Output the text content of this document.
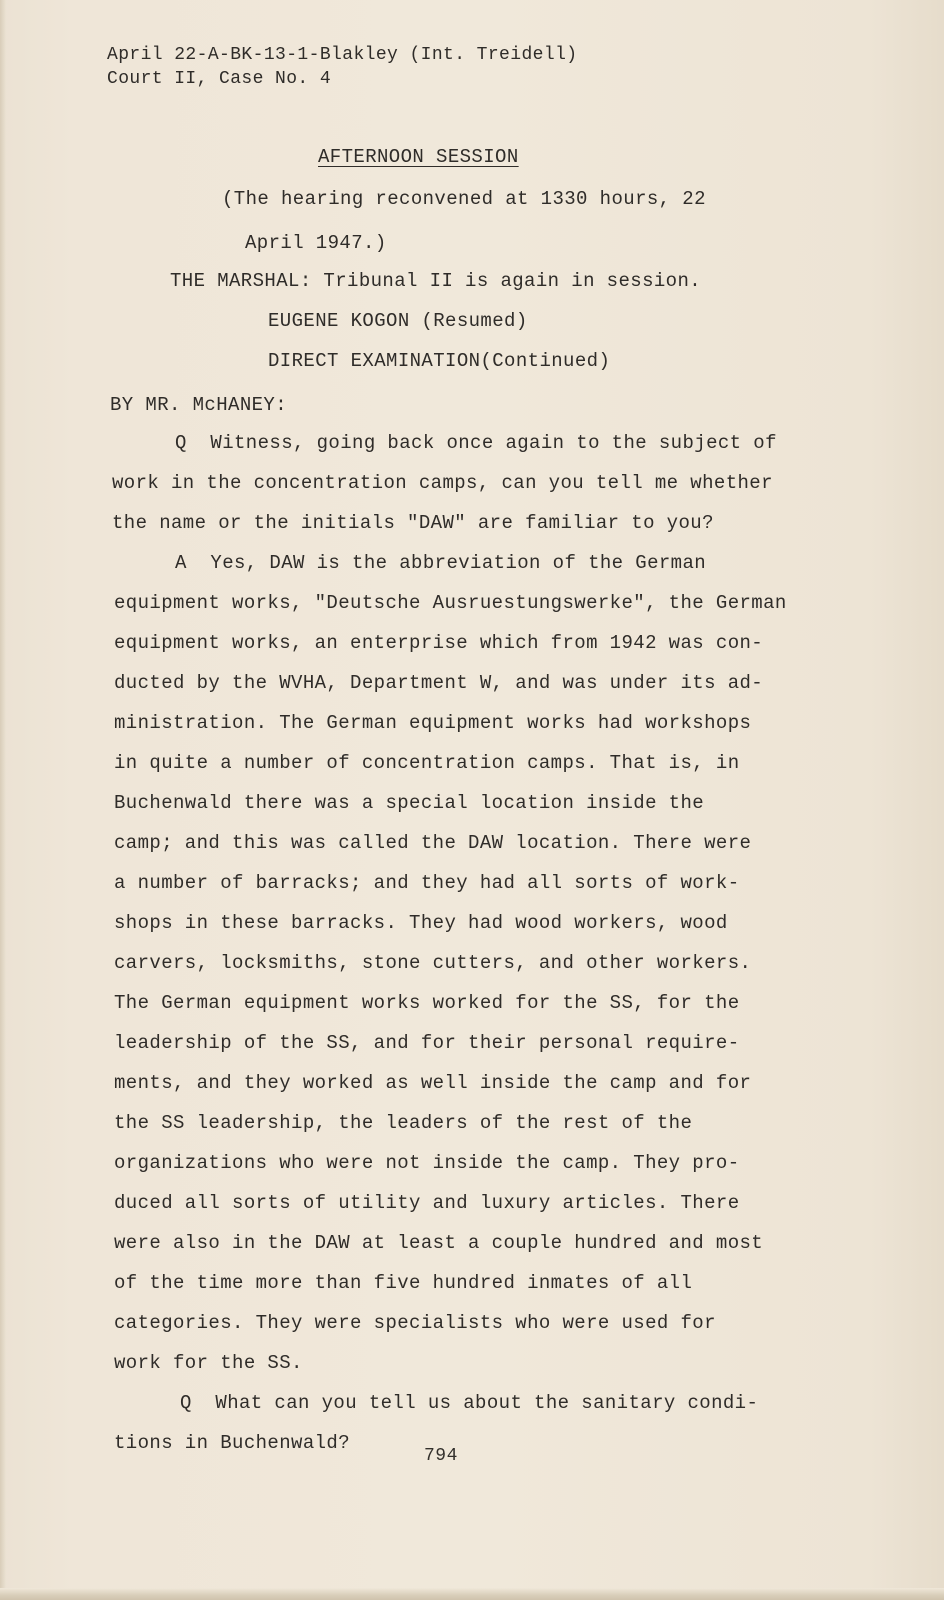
April 22-A-BK-13-1-Blakley (Int. Treidell)
Court II, Case No. 4
AFTERNOON SESSION
(The hearing reconvened at 1330 hours, 22
April 1947.)
THE MARSHAL: Tribunal II is again in session.
EUGENE KOGON (Resumed)
DIRECT EXAMINATION(Continued)
BY MR. McHANEY:
Q  Witness, going back once again to the subject of
work in the concentration camps, can you tell me whether
the name or the initials "DAW" are familiar to you?
A  Yes, DAW is the abbreviation of the German
equipment works, "Deutsche Ausruestungswerke", the German
equipment works, an enterprise which from 1942 was con-
ducted by the WVHA, Department W, and was under its ad-
ministration. The German equipment works had workshops
in quite a number of concentration camps. That is, in
Buchenwald there was a special location inside the
camp; and this was called the DAW location. There were
a number of barracks; and they had all sorts of work-
shops in these barracks. They had wood workers, wood
carvers, locksmiths, stone cutters, and other workers.
The German equipment works worked for the SS, for the
leadership of the SS, and for their personal require-
ments, and they worked as well inside the camp and for
the SS leadership, the leaders of the rest of the
organizations who were not inside the camp. They pro-
duced all sorts of utility and luxury articles. There
were also in the DAW at least a couple hundred and most
of the time more than five hundred inmates of all
categories. They were specialists who were used for
work for the SS.
Q  What can you tell us about the sanitary condi-
tions in Buchenwald?
794
